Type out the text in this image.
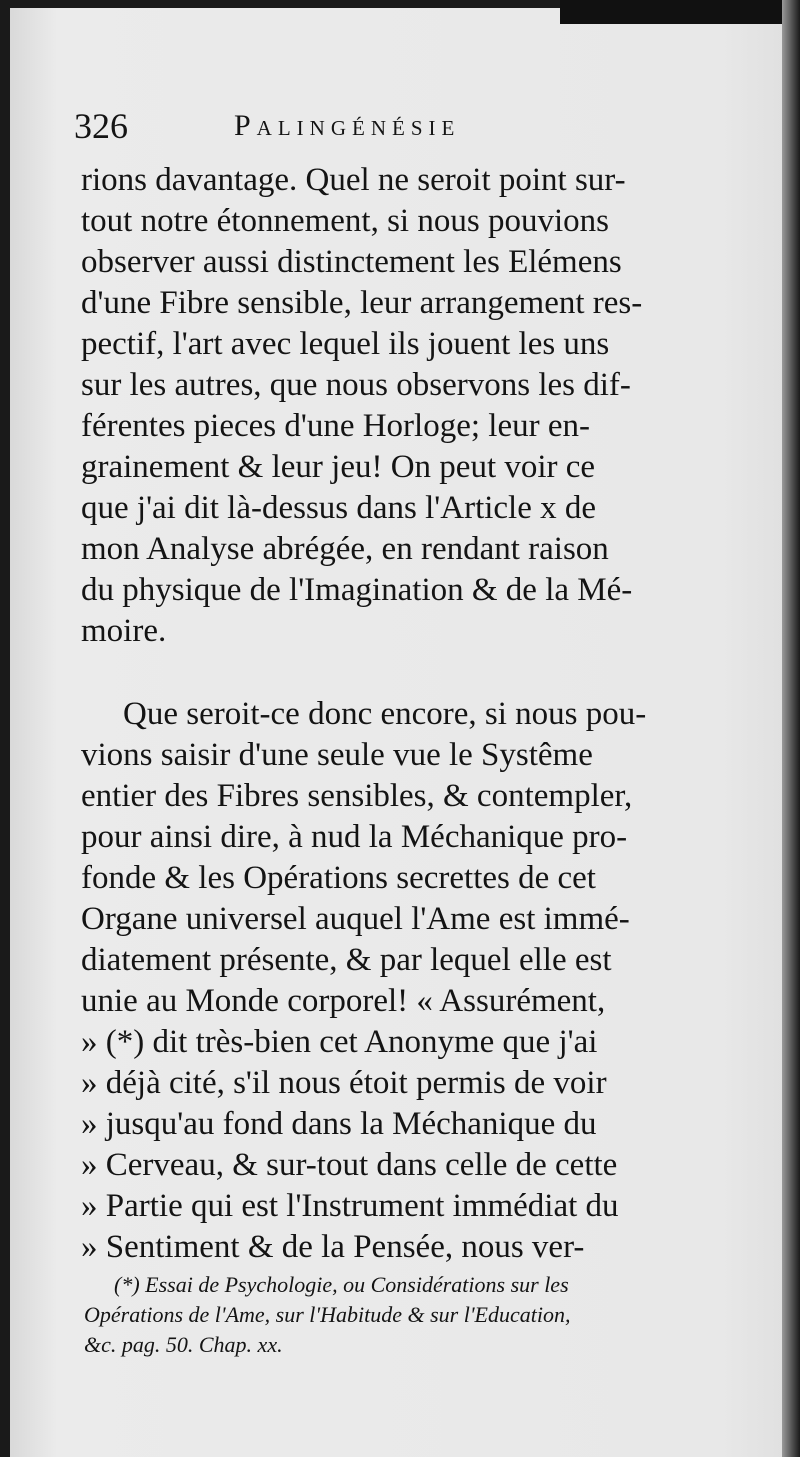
326	Palingénésie

rions davantage. Quel ne seroit point sur-
tout notre étonnement, si nous pouvions
observer aussi distinctement les Elémens
d'une Fibre sensible, leur arrangement res-
pectif, l'art avec lequel ils jouent les uns
sur les autres, que nous observons les dif-
férentes pieces d'une Horloge; leur en-
grainement & leur jeu! On peut voir ce
que j'ai dit là-dessus dans l'Article x de
mon Analyse abrégée, en rendant raison
du physique de l'Imagination & de la Mé-
moire.

Que seroit-ce donc encore, si nous pou-
vions saisir d'une seule vue le Systême
entier des Fibres sensibles, & contempler,
pour ainsi dire, à nud la Méchanique pro-
fonde & les Opérations secrettes de cet
Organe universel auquel l'Ame est immé-
diatement présente, & par lequel elle est
unie au Monde corporel! « Assurément,
» (*) dit très-bien cet Anonyme que j'ai
» déjà cité, s'il nous étoit permis de voir
» jusqu'au fond dans la Méchanique du
» Cerveau, & sur-tout dans celle de cette
» Partie qui est l'Instrument immédiat du
» Sentiment & de la Pensée, nous ver-

(*) Essai de Psychologie, ou Considérations sur les
Opérations de l'Ame, sur l'Habitude & sur l'Education,
&c. pag. 50. Chap. xx.
